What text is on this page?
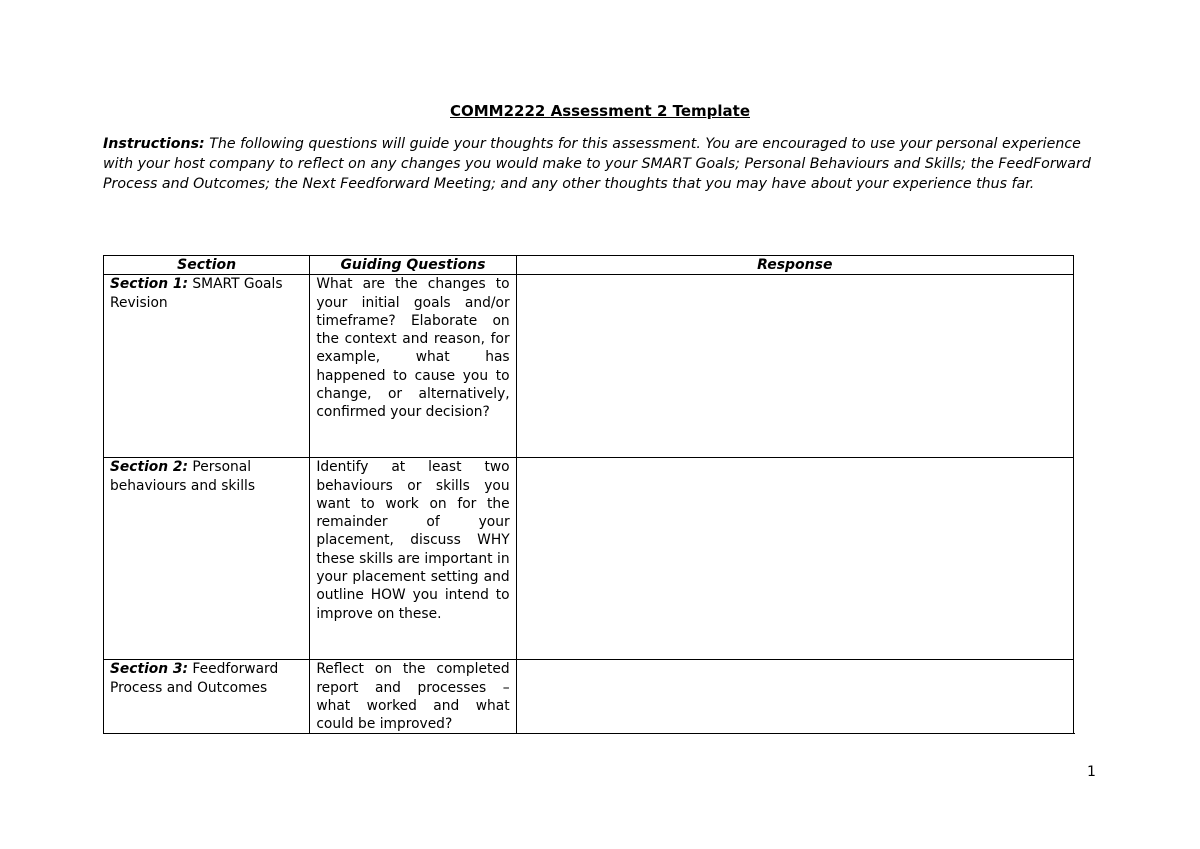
COMM2222 Assessment 2 Template
Instructions: The following questions will guide your thoughts for this assessment. You are encouraged to use your personal experience with your host company to reflect on any changes you would make to your SMART Goals; Personal Behaviours and Skills; the FeedForward Process and Outcomes; the Next Feedforward Meeting; and any other thoughts that you may have about your experience thus far.
Section	Guiding Questions	Response
Section 1: SMART Goals Revision	What are the changes to your initial goals and/or timeframe? Elaborate on the context and reason, for example, what has happened to cause you to change, or alternatively, confirmed your decision?	
Section 2: Personal behaviours and skills	Identify at least two behaviours or skills you want to work on for the remainder of your placement, discuss WHY these skills are important in your placement setting and outline HOW you intend to improve on these.	
Section 3: Feedforward Process and Outcomes	Reflect on the completed report and processes – what worked and what could be improved?	
1
